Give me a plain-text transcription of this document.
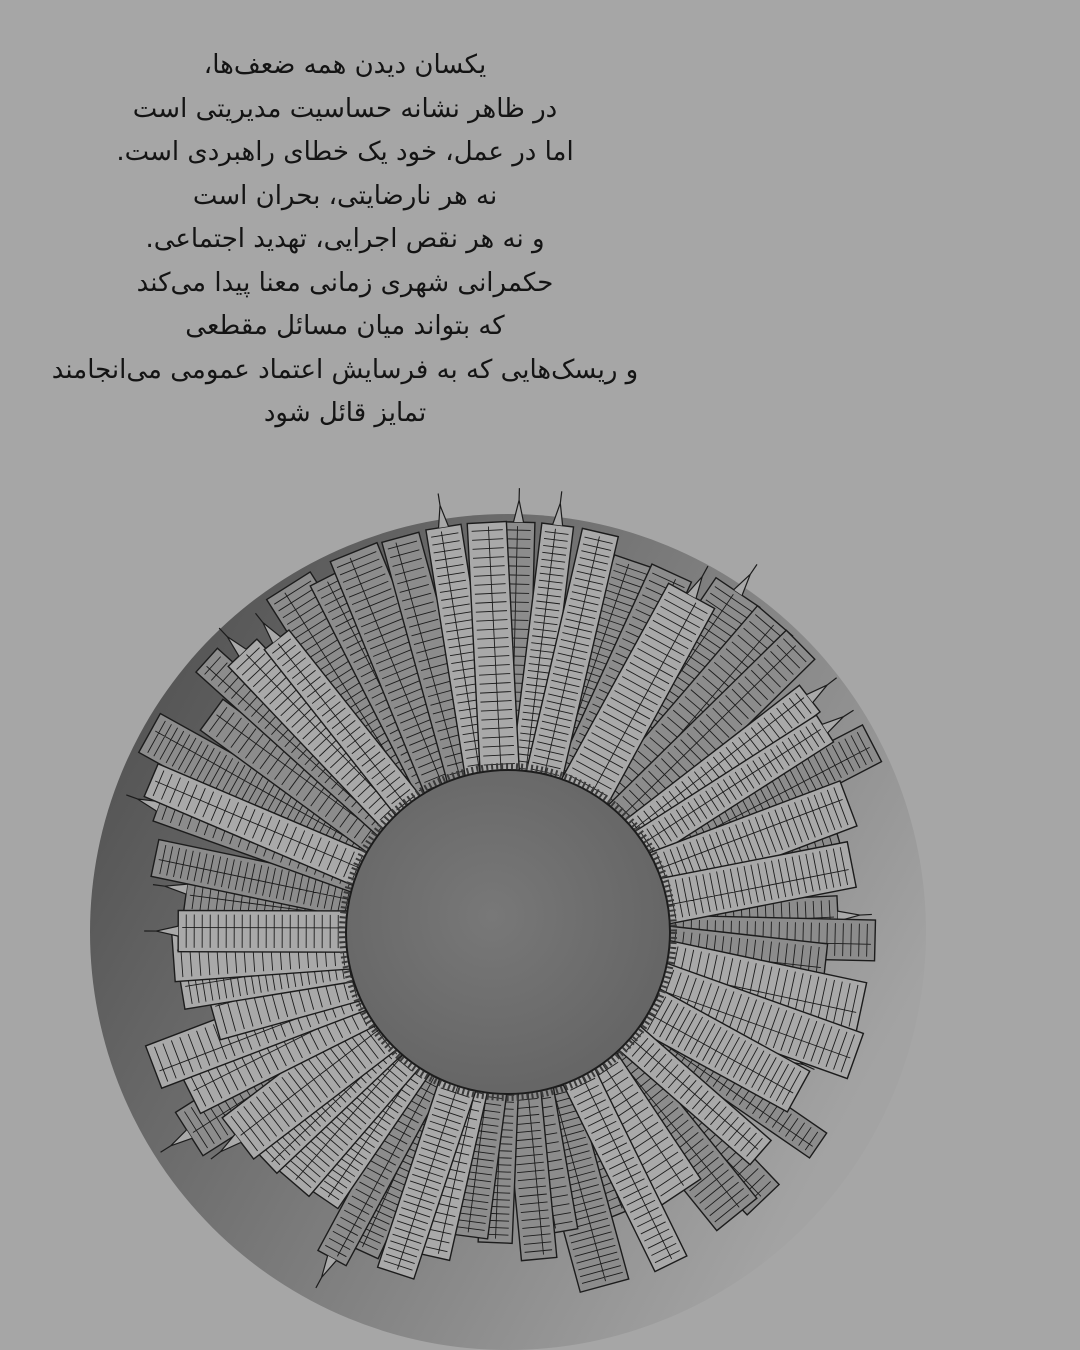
یکسان دیدن همه ضعف‌ها،
در ظاهر نشانه حساسیت مدیریتی است
اما در عمل، خود یک خطای راهبردی است.
نه هر نارضایتی، بحران است
و نه هر نقص اجرایی، تهدید اجتماعی.
حکمرانی شهری زمانی معنا پیدا می‌کند
که بتواند میان مسائل مقطعی
و ریسک‌هایی که به فرسایش اعتماد عمومی می‌انجامند
تمایز قائل شود
